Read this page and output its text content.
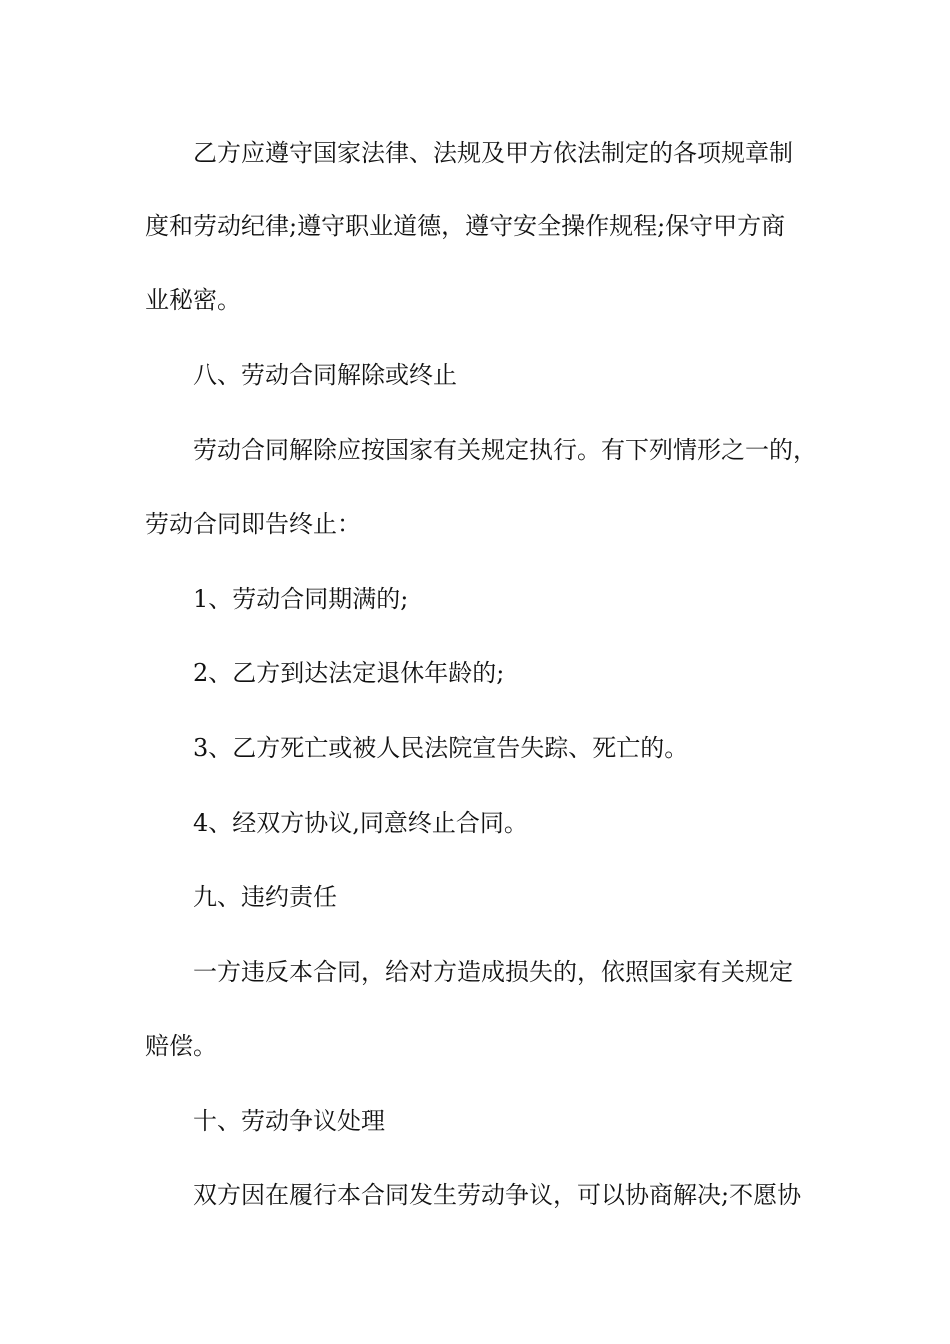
乙方应遵守国家法律、法规及甲方依法制定的各项规章制
度和劳动纪律;遵守职业道德，遵守安全操作规程;保守甲方商
业秘密。
八、劳动合同解除或终止
劳动合同解除应按国家有关规定执行。有下列情形之一的，
劳动合同即告终止：
1、劳动合同期满的;
2、乙方到达法定退休年龄的;
3、乙方死亡或被人民法院宣告失踪、死亡的。
4、经双方协议,同意终止合同。
九、违约责任
一方违反本合同，给对方造成损失的，依照国家有关规定
赔偿。
十、劳动争议处理
双方因在履行本合同发生劳动争议，可以协商解决;不愿协
